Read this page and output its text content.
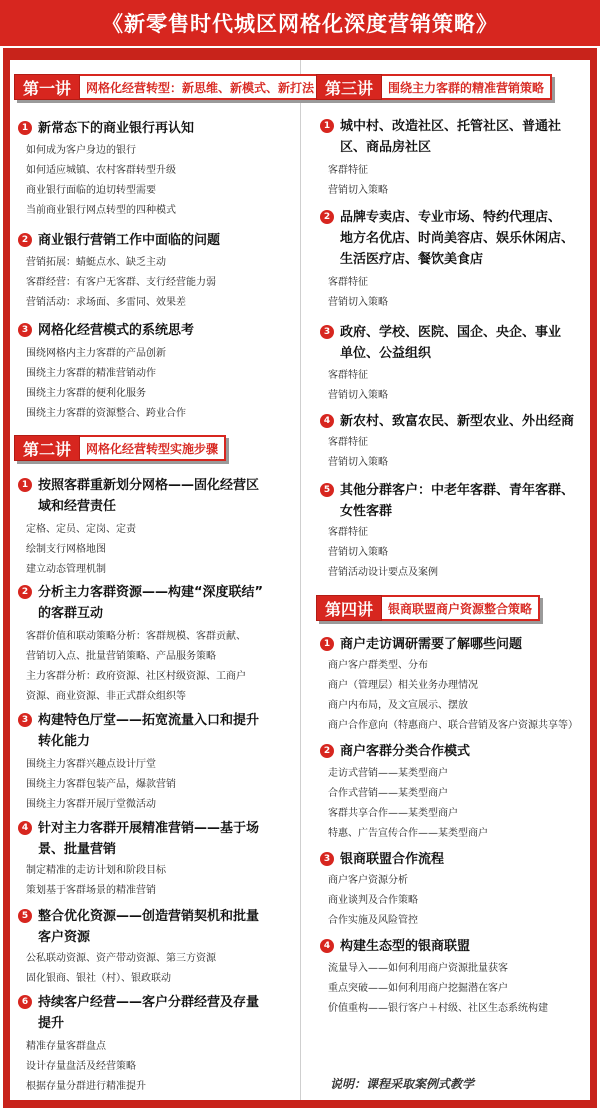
《新零售时代城区网格化深度营销策略》
第一讲	网格化经营转型：新思维、新模式、新打法
1 新常态下的商业银行再认知
如何成为客户身边的银行
如何适应城镇、农村客群转型升级
商业银行面临的迫切转型需要
当前商业银行网点转型的四种模式
2 商业银行营销工作中面临的问题
营销拓展：蜻蜓点水、缺乏主动
客群经营：有客户无客群、支行经营能力弱
营销活动：求场面、多雷同、效果差
3 网格化经营模式的系统思考
围绕网格内主力客群的产品创新
围绕主力客群的精准营销动作
围绕主力客群的便利化服务
围绕主力客群的资源整合、跨业合作
第二讲	网格化经营转型实施步骤
1 按照客群重新划分网格——固化经营区
域和经营责任
定格、定员、定岗、定责
绘制支行网格地图
建立动态管理机制
2 分析主力客群资源——构建“深度联结”
的客群互动
客群价值和联动策略分析：客群规模、客群贡献、
营销切入点、批量营销策略、产品服务策略
主力客群分析：政府资源、社区村级资源、工商户
资源、商业资源、非正式群众组织等
3 构建特色厅堂——拓宽流量入口和提升
转化能力
围绕主力客群兴趣点设计厅堂
围绕主力客群包装产品，爆款营销
围绕主力客群开展厅堂微活动
4 针对主力客群开展精准营销——基于场
景、批量营销
制定精准的走访计划和阶段目标
策划基于客群场景的精准营销
5 整合优化资源——创造营销契机和批量
客户资源
公私联动资源、资产带动资源、第三方资源
固化银商、银社（村）、银政联动
6 持续客户经营——客户分群经营及存量
提升
精准存量客群盘点
设计存量盘活及经营策略
根据存量分群进行精准提升
第三讲	围绕主力客群的精准营销策略
1 城中村、改造社区、托管社区、普通社
区、商品房社区
客群特征
营销切入策略
2 品牌专卖店、专业市场、特约代理店、
地方名优店、时尚美容店、娱乐休闲店、
生活医疗店、餐饮美食店
客群特征
营销切入策略
3 政府、学校、医院、国企、央企、事业
单位、公益组织
客群特征
营销切入策略
4 新农村、致富农民、新型农业、外出经商
客群特征
营销切入策略
5 其他分群客户：中老年客群、青年客群、
女性客群
客群特征
营销切入策略
营销活动设计要点及案例
第四讲	银商联盟商户资源整合策略
1 商户走访调研需要了解哪些问题
商户客户群类型、分布
商户（管理层）相关业务办理情况
商户内布局，及文宣展示、摆放
商户合作意向（特惠商户、联合营销及客户资源共享等）
2 商户客群分类合作模式
走访式营销——某类型商户
合作式营销——某类型商户
客群共享合作——某类型商户
特惠、广告宣传合作——某类型商户
3 银商联盟合作流程
商户客户资源分析
商业谈判及合作策略
合作实施及风险管控
4 构建生态型的银商联盟
流量导入——如何利用商户资源批量获客
重点突破——如何利用商户挖掘潜在客户
价值重构——银行客户＋村级、社区生态系统构建
说明：课程采取案例式教学
